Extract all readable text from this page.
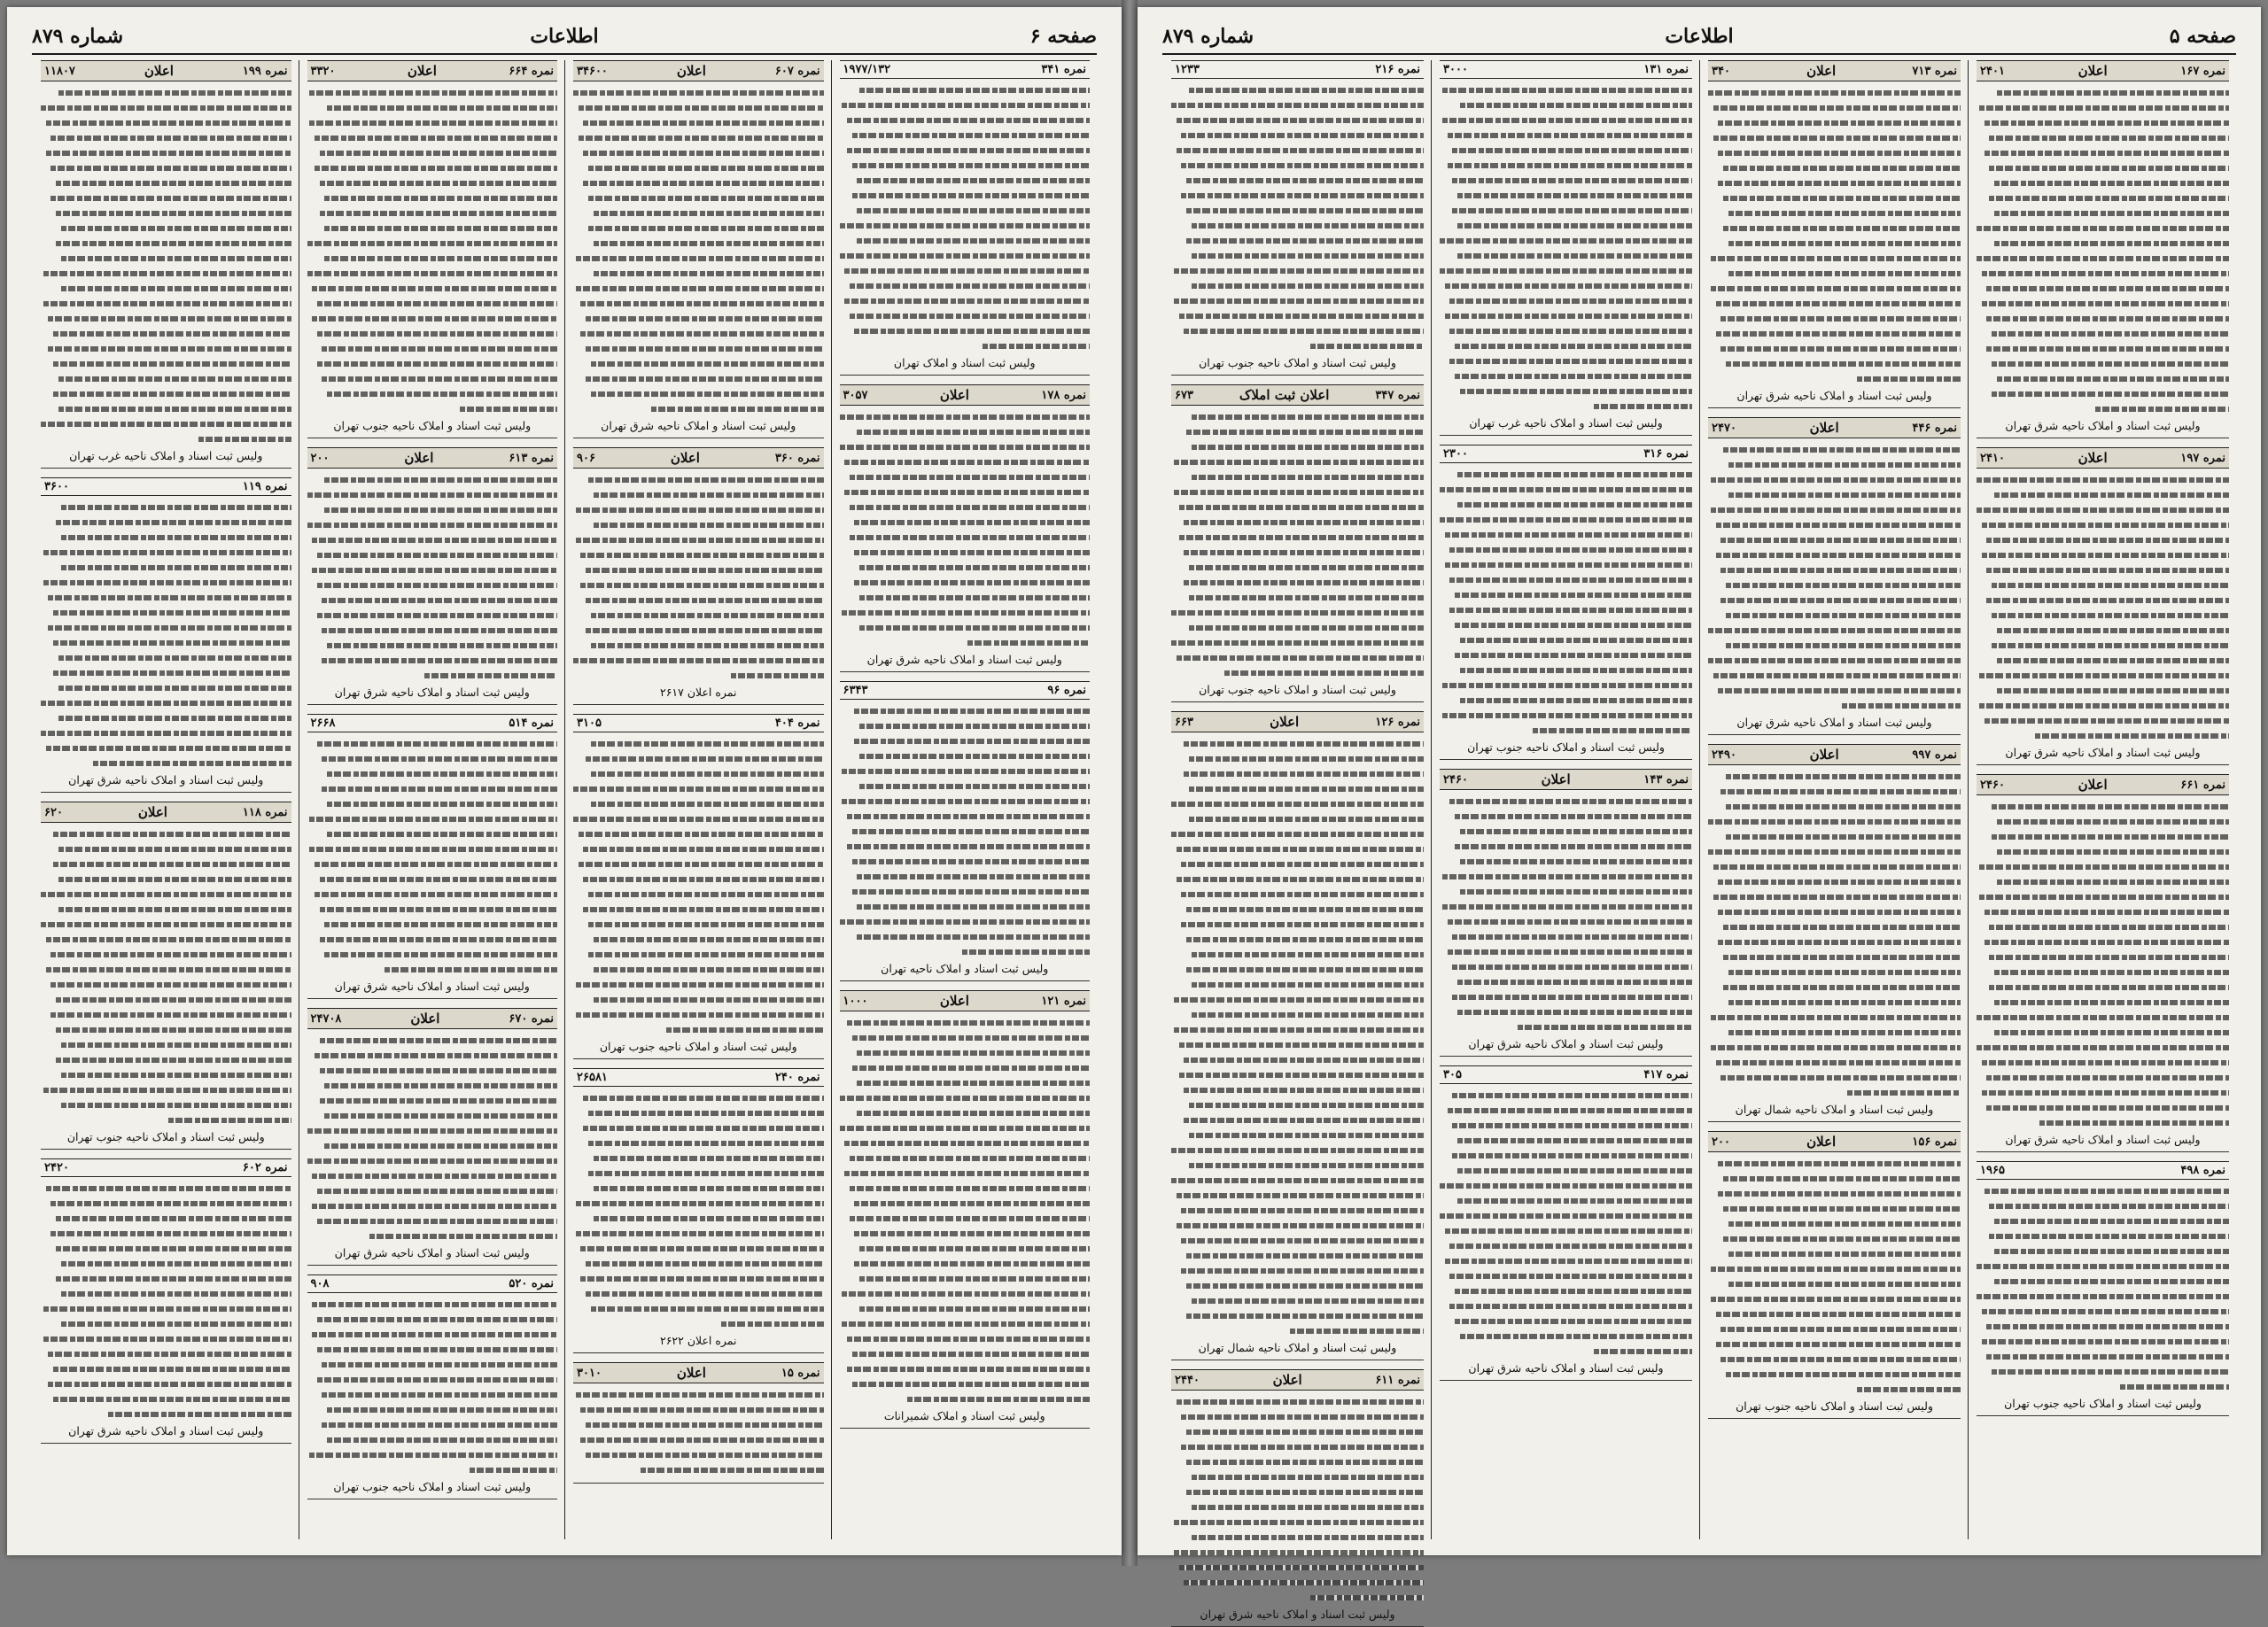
صفحه ۶
اطلاعات
شماره ۸۷۹
نمره ۳۴۱
۱۹۷۷/۱۳۲
ولیس ثبت اسناد و املاک تهران
نمره ۱۷۸
اعلان
۳۰۵۷
ولیس ثبت اسناد و املاک ناحیه شرق تهران
نمره ۹۶
۶۳۴۳
ولیس ثبت اسناد و املاک ناحیه تهران
نمره ۱۲۱
اعلان
۱۰۰۰
ولیس ثبت اسناد و املاک شمیرانات
نمره ۶۰۷
اعلان
۳۴۶۰۰
ولیس ثبت اسناد و املاک ناحیه شرق تهران
نمره ۳۶۰
اعلان
۹۰۶
نمره اعلان ۲۶۱۷
نمره ۴۰۴
۳۱۰۵
ولیس ثبت اسناد و املاک ناحیه جنوب تهران
نمره ۲۴۰
۲۶۵۸۱
نمره اعلان ۲۶۲۲
نمره ۱۵
اعلان
۳۰۱۰
نمره ۶۶۴
اعلان
۳۳۲۰
ولیس ثبت اسناد و املاک ناحیه جنوب تهران
نمره ۶۱۳
اعلان
۲۰۰
ولیس ثبت اسناد و املاک ناحیه شرق تهران
نمره ۵۱۴
۲۶۶۸
ولیس ثبت اسناد و املاک ناحیه شرق تهران
نمره ۶۷۰
اعلان
۲۴۷۰۸
ولیس ثبت اسناد و املاک ناحیه شرق تهران
نمره ۵۲۰
۹۰۸
ولیس ثبت اسناد و املاک ناحیه جنوب تهران
نمره ۱۹۹
اعلان
۱۱۸۰۷
ولیس ثبت اسناد و املاک ناحیه غرب تهران
نمره ۱۱۹
۳۶۰۰
ولیس ثبت اسناد و املاک ناحیه شرق تهران
نمره ۱۱۸
اعلان
۶۲۰
ولیس ثبت اسناد و املاک ناحیه جنوب تهران
نمره ۶۰۲
۲۴۲۰
ولیس ثبت اسناد و املاک ناحیه شرق تهران
صفحه ۵
اطلاعات
شماره ۸۷۹
نمره ۱۶۷
اعلان
۲۴۰۱
ولیس ثبت اسناد و املاک ناحیه شرق تهران
نمره ۱۹۷
اعلان
۲۴۱۰
ولیس ثبت اسناد و املاک ناحیه شرق تهران
نمره ۶۶۱
اعلان
۲۴۶۰
ولیس ثبت اسناد و املاک ناحیه شرق تهران
نمره ۴۹۸
۱۹۶۵
ولیس ثبت اسناد و املاک ناحیه جنوب تهران
نمره ۷۱۳
اعلان
۳۴۰
ولیس ثبت اسناد و املاک ناحیه شرق تهران
نمره ۴۴۶
اعلان
۲۴۷۰
ولیس ثبت اسناد و املاک ناحیه شرق تهران
نمره ۹۹۷
اعلان
۲۴۹۰
ولیس ثبت اسناد و املاک ناحیه شمال تهران
نمره ۱۵۶
اعلان
۲۰۰
ولیس ثبت اسناد و املاک ناحیه جنوب تهران
نمره ۱۳۱
۳۰۰۰
ولیس ثبت اسناد و املاک ناحیه غرب تهران
نمره ۳۱۶
۲۳۰۰
ولیس ثبت اسناد و املاک ناحیه جنوب تهران
نمره ۱۴۳
اعلان
۲۴۶۰
ولیس ثبت اسناد و املاک ناحیه شرق تهران
نمره ۴۱۷
۳۰۵
ولیس ثبت اسناد و املاک ناحیه شرق تهران
نمره ۲۱۶
۱۲۳۳
ولیس ثبت اسناد و املاک ناحیه جنوب تهران
نمره ۳۴۷
اعلان ثبت املاک
۶۷۳
ولیس ثبت اسناد و املاک ناحیه جنوب تهران
نمره ۱۲۶
اعلان
۶۶۳
ولیس ثبت اسناد و املاک ناحیه شمال تهران
نمره ۶۱۱
اعلان
۲۴۴۰
ولیس ثبت اسناد و املاک ناحیه شرق تهران
